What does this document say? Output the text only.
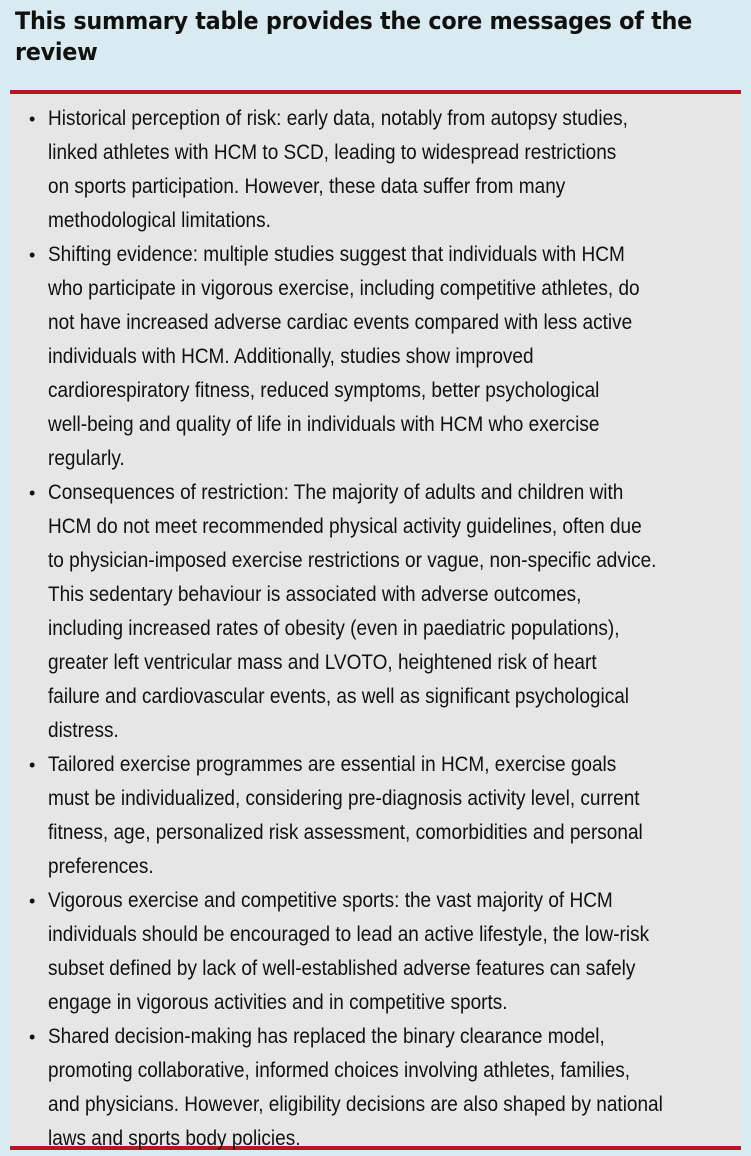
This summary table provides the core messages of the
review
• Historical perception of risk: early data, notably from autopsy studies,
linked athletes with HCM to SCD, leading to widespread restrictions
on sports participation. However, these data suffer from many
methodological limitations.
• Shifting evidence: multiple studies suggest that individuals with HCM
who participate in vigorous exercise, including competitive athletes, do
not have increased adverse cardiac events compared with less active
individuals with HCM. Additionally, studies show improved
cardiorespiratory fitness, reduced symptoms, better psychological
well-being and quality of life in individuals with HCM who exercise
regularly.
• Consequences of restriction: The majority of adults and children with
HCM do not meet recommended physical activity guidelines, often due
to physician-imposed exercise restrictions or vague, non-specific advice.
This sedentary behaviour is associated with adverse outcomes,
including increased rates of obesity (even in paediatric populations),
greater left ventricular mass and LVOTO, heightened risk of heart
failure and cardiovascular events, as well as significant psychological
distress.
• Tailored exercise programmes are essential in HCM, exercise goals
must be individualized, considering pre-diagnosis activity level, current
fitness, age, personalized risk assessment, comorbidities and personal
preferences.
• Vigorous exercise and competitive sports: the vast majority of HCM
individuals should be encouraged to lead an active lifestyle, the low-risk
subset defined by lack of well-established adverse features can safely
engage in vigorous activities and in competitive sports.
• Shared decision-making has replaced the binary clearance model,
promoting collaborative, informed choices involving athletes, families,
and physicians. However, eligibility decisions are also shaped by national
laws and sports body policies.
